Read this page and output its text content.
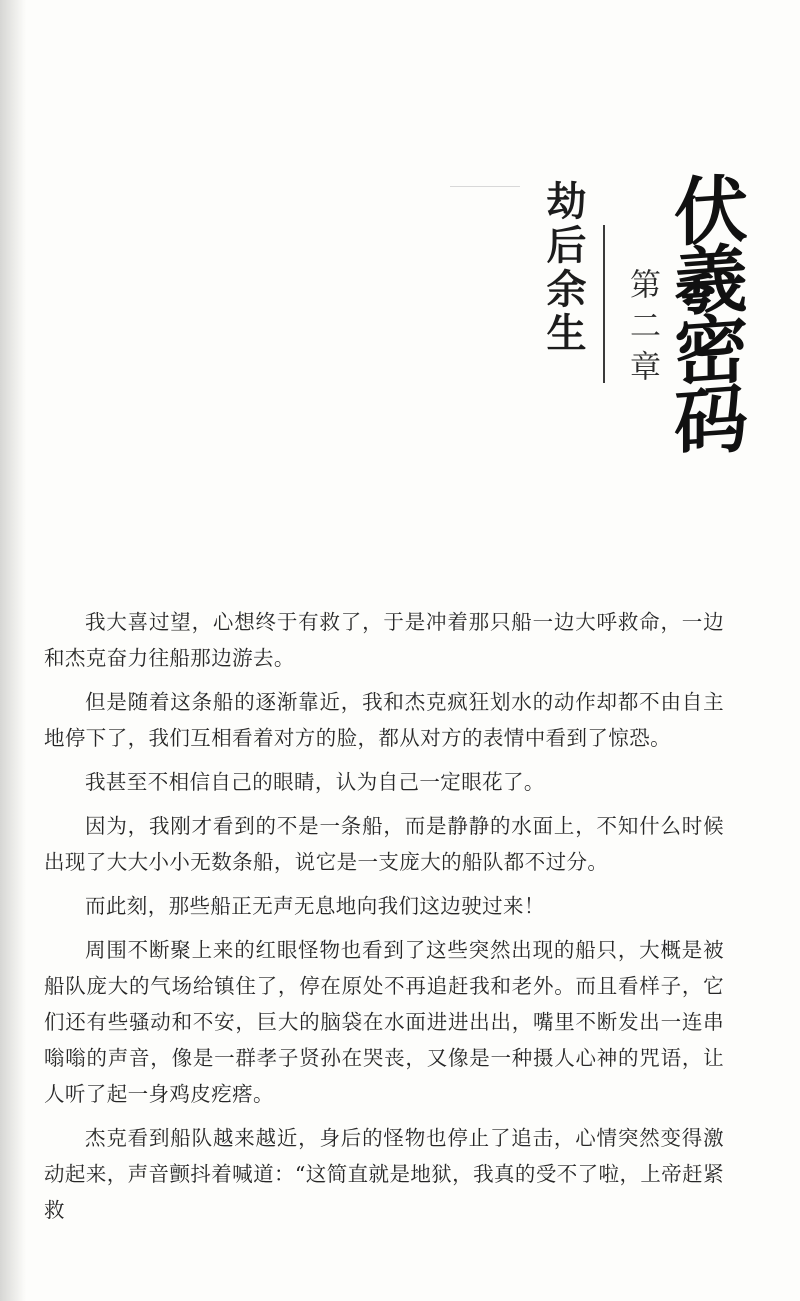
伏羲密码
第二章
劫后余生

我大喜过望，心想终于有救了，于是冲着那只船一边大呼救命，一边和杰克奋力往船那边游去。

但是随着这条船的逐渐靠近，我和杰克疯狂划水的动作却都不由自主地停下了，我们互相看着对方的脸，都从对方的表情中看到了惊恐。

我甚至不相信自己的眼睛，认为自己一定眼花了。

因为，我刚才看到的不是一条船，而是静静的水面上，不知什么时候出现了大大小小无数条船，说它是一支庞大的船队都不过分。

而此刻，那些船正无声无息地向我们这边驶过来！

周围不断聚上来的红眼怪物也看到了这些突然出现的船只，大概是被船队庞大的气场给镇住了，停在原处不再追赶我和老外。而且看样子，它们还有些骚动和不安，巨大的脑袋在水面进进出出，嘴里不断发出一连串嗡嗡的声音，像是一群孝子贤孙在哭丧，又像是一种摄人心神的咒语，让人听了起一身鸡皮疙瘩。

杰克看到船队越来越近，身后的怪物也停止了追击，心情突然变得激动起来，声音颤抖着喊道：“这简直就是地狱，我真的受不了啦，上帝赶紧救
